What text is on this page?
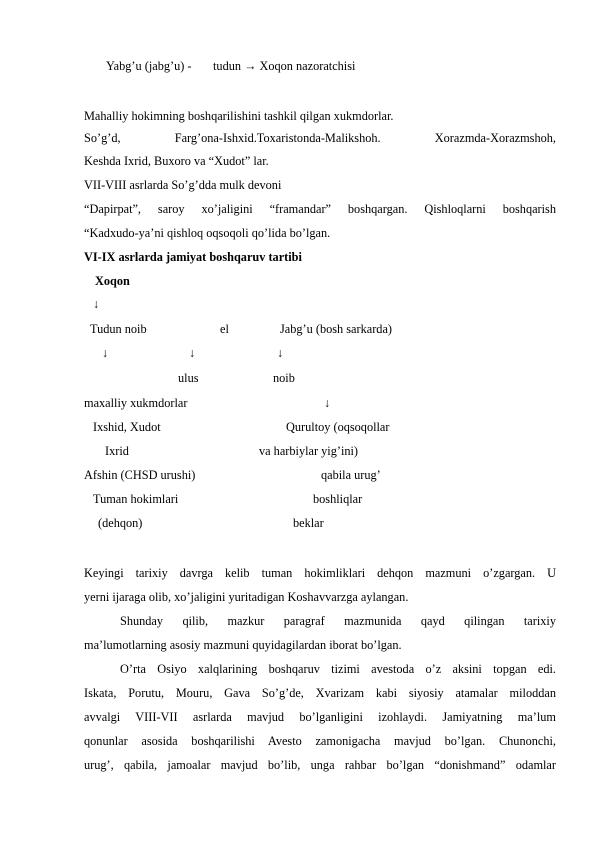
Yabg’u (jabg’u) -       tudun → Xoqon nazoratchisi
Mahalliy hokimning boshqarilishini tashkil qilgan xukmdorlar.
So’g’d, Farg’ona-Ishxid.Toxaristonda-Malikshoh. Xorazmda-Xorazmshoh,
Keshda Ixrid, Buxoro va “Xudot” lar.
VII-VIII asrlarda So’g’dda mulk devoni
“Dapirpat”, saroy xo’jaligini “framandar” boshqargan. Qishloqlarni boshqarish
“Kadxudo-ya’ni qishloq oqsoqoli qo’lida bo’lgan.
VI-IX asrlarda jamiyat boshqaruv tartibi
Xoqon
↓
Tudun noib	el	Jabg’u (bosh sarkarda)
↓	↓	↓
ulus	noib
maxalliy xukmdorlar	↓
Ixshid, Xudot	Qurultoy (oqsoqollar
Ixrid	va harbiylar yig’ini)
Afshin (CHSD urushi)	qabila urug’
Tuman hokimlari	boshliqlar
(dehqon)	beklar
Keyingi tarixiy davrga kelib tuman hokimliklari dehqon mazmuni o’zgargan. U
yerni ijaraga olib, xo’jaligini yuritadigan Koshavvarzga aylangan.
Shunday qilib, mazkur paragraf mazmunida qayd qilingan tarixiy
ma’lumotlarning asosiy mazmuni quyidagilardan iborat bo’lgan.
O’rta Osiyo xalqlarining boshqaruv tizimi avestoda o’z aksini topgan edi.
Iskata, Porutu, Mouru, Gava So’g’de, Xvarizam kabi siyosiy atamalar miloddan
avvalgi VIII-VII asrlarda mavjud bo’lganligini izohlaydi. Jamiyatning ma’lum
qonunlar asosida boshqarilishi Avesto zamonigacha mavjud bo’lgan. Chunonchi,
urug’, qabila, jamoalar mavjud bo’lib, unga rahbar bo’lgan “donishmand” odamlar
